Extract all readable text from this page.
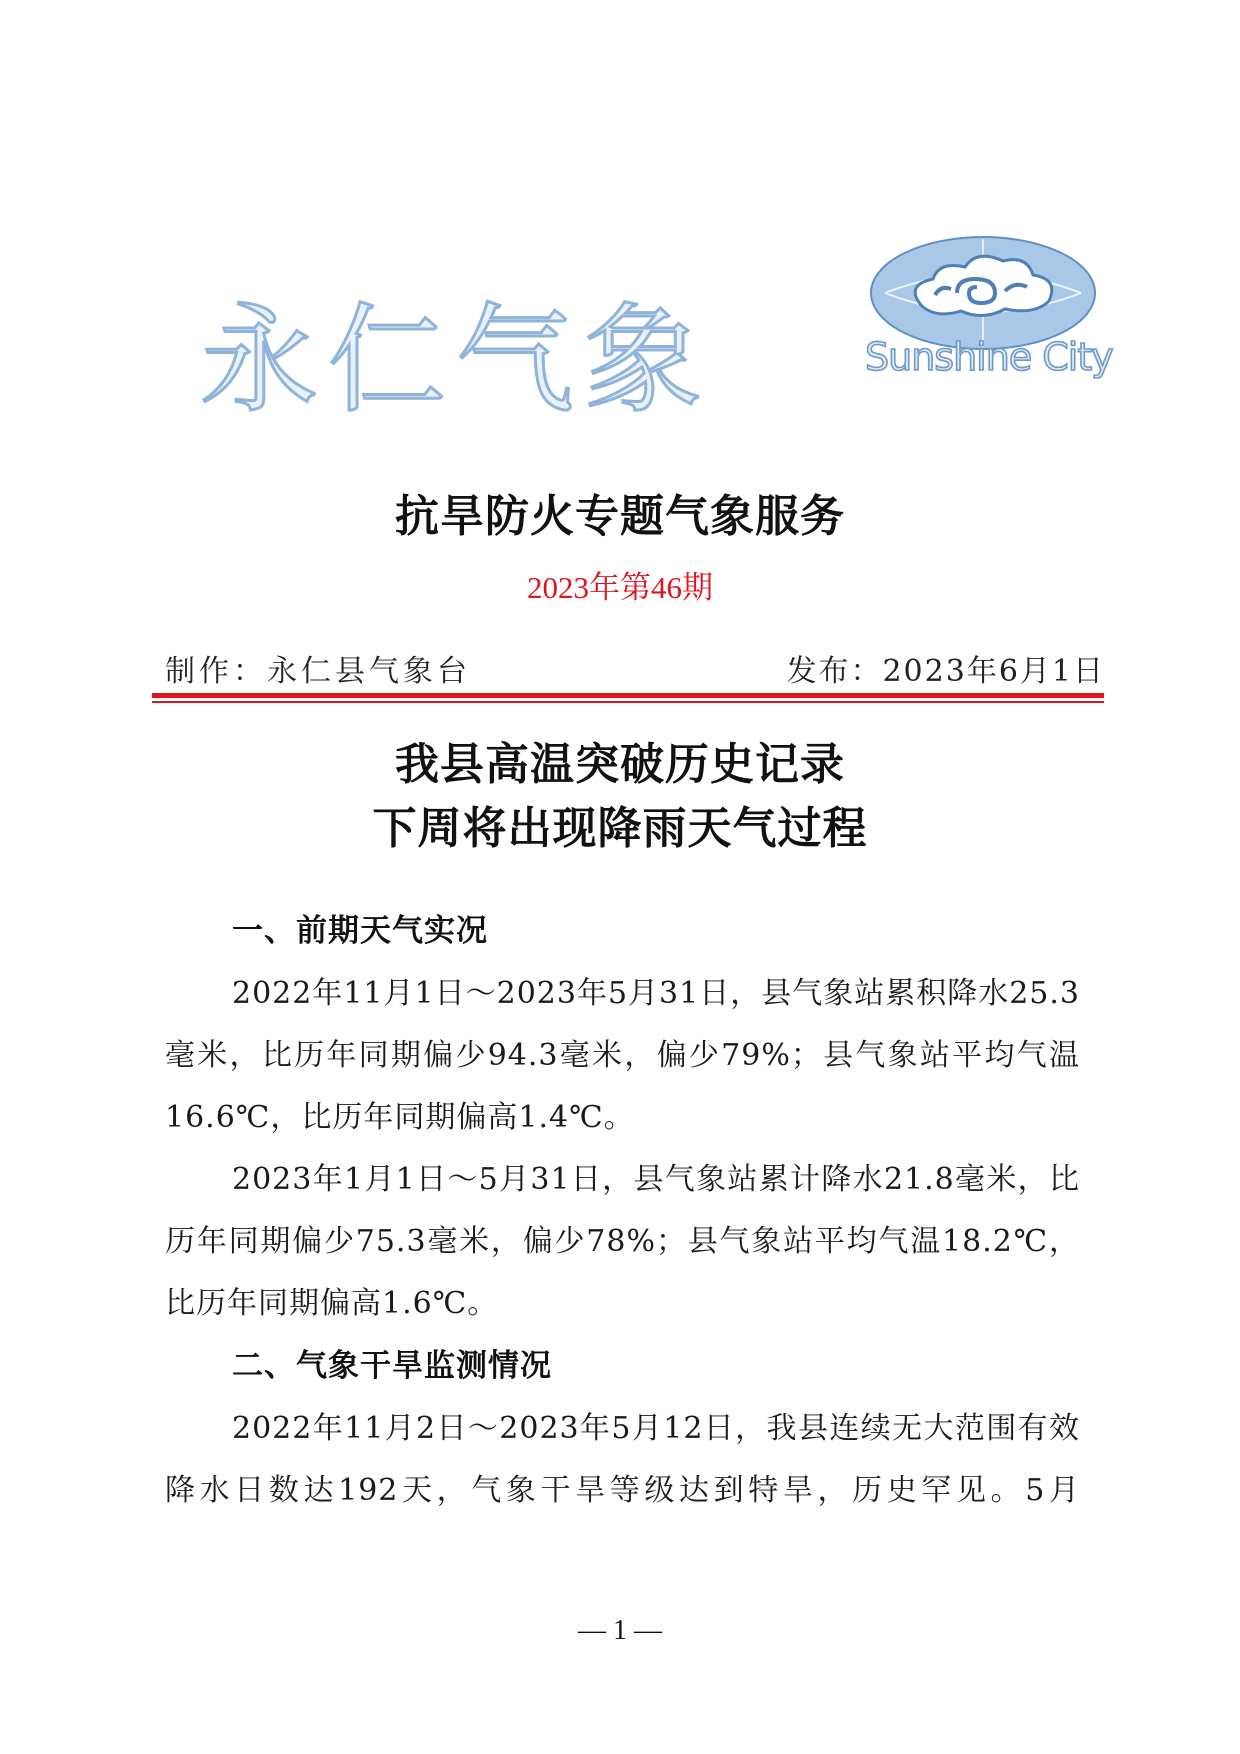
永仁气象	Sunshine City
抗旱防火专题气象服务
2023年第46期
制作：永仁县气象台	发布：2023年6月1日
我县高温突破历史记录
下周将出现降雨天气过程
一、前期天气实况
2022年11月1日～2023年5月31日，县气象站累积降水25.3
毫米，比历年同期偏少94.3毫米，偏少79%；县气象站平均气温
16.6℃，比历年同期偏高1.4℃。
2023年1月1日～5月31日，县气象站累计降水21.8毫米，比
历年同期偏少75.3毫米，偏少78%；县气象站平均气温18.2℃，
比历年同期偏高1.6℃。
二、气象干旱监测情况
2022年11月2日～2023年5月12日，我县连续无大范围有效
降水日数达192天，气象干旱等级达到特旱，历史罕见。5月
— 1 —
